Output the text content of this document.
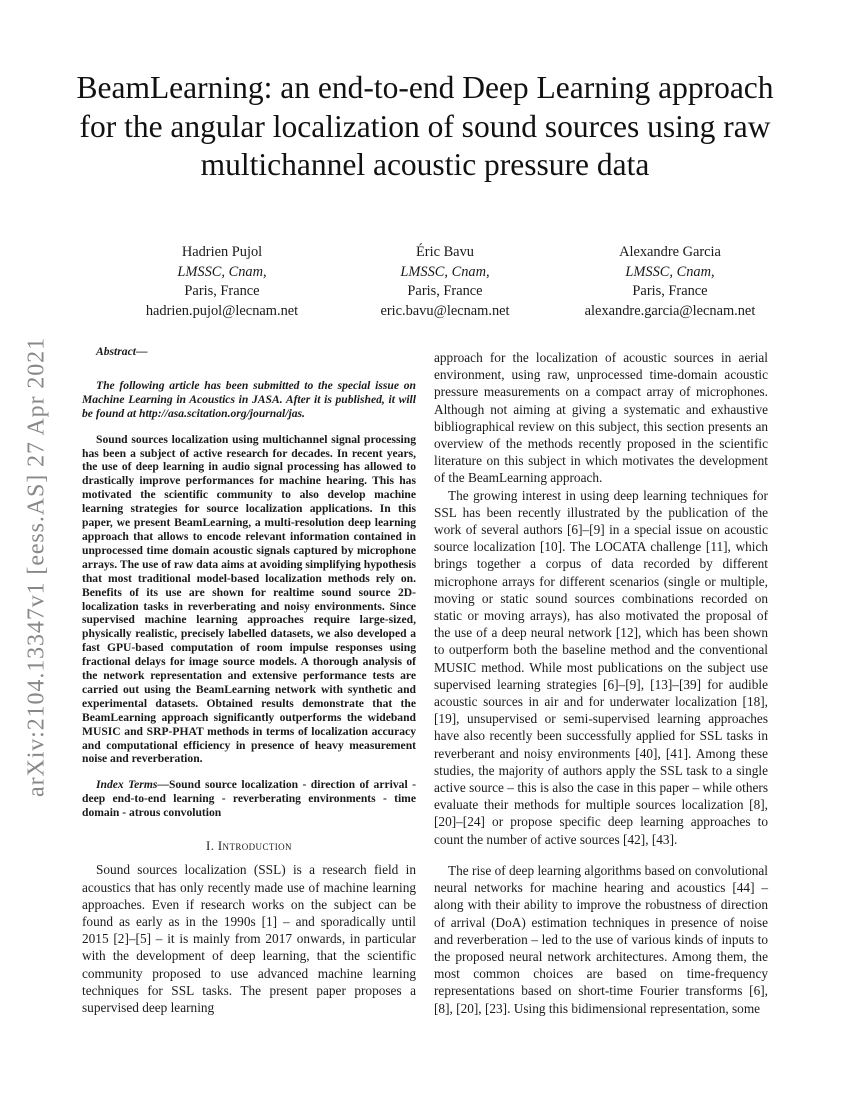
arXiv:2104.13347v1 [eess.AS] 27 Apr 2021
BeamLearning: an end-to-end Deep Learning approach for the angular localization of sound sources using raw multichannel acoustic pressure data
Hadrien Pujol
LMSSC, Cnam,
Paris, France
hadrien.pujol@lecnam.net
Éric Bavu
LMSSC, Cnam,
Paris, France
eric.bavu@lecnam.net
Alexandre Garcia
LMSSC, Cnam,
Paris, France
alexandre.garcia@lecnam.net

Abstract—

The following article has been submitted to the special issue on Machine Learning in Acoustics in JASA. After it is published, it will be found at http://asa.scitation.org/journal/jas.

Sound sources localization using multichannel signal processing has been a subject of active research for decades. In recent years, the use of deep learning in audio signal processing has allowed to drastically improve performances for machine hearing. This has motivated the scientific community to also develop machine learning strategies for source localization applications. In this paper, we present BeamLearning, a multi-resolution deep learning approach that allows to encode relevant information contained in unprocessed time domain acoustic signals captured by microphone arrays. The use of raw data aims at avoiding simplifying hypothesis that most traditional model-based localization methods rely on. Benefits of its use are shown for realtime sound source 2D-localization tasks in reverberating and noisy environments. Since supervised machine learning approaches require large-sized, physically realistic, precisely labelled datasets, we also developed a fast GPU-based computation of room impulse responses using fractional delays for image source models. A thorough analysis of the network representation and extensive performance tests are carried out using the BeamLearning network with synthetic and experimental datasets. Obtained results demonstrate that the BeamLearning approach significantly outperforms the wideband MUSIC and SRP-PHAT methods in terms of localization accuracy and computational efficiency in presence of heavy measurement noise and reverberation.

Index Terms—Sound source localization - direction of arrival - deep end-to-end learning - reverberating environments - time domain - atrous convolution

I. Introduction

Sound sources localization (SSL) is a research field in acoustics that has only recently made use of machine learning approaches. Even if research works on the subject can be found as early as in the 1990s [1] – and sporadically until 2015 [2]–[5] – it is mainly from 2017 onwards, in particular with the development of deep learning, that the scientific community proposed to use advanced machine learning techniques for SSL tasks. The present paper proposes a supervised deep learning

approach for the localization of acoustic sources in aerial environment, using raw, unprocessed time-domain acoustic pressure measurements on a compact array of microphones. Although not aiming at giving a systematic and exhaustive bibliographical review on this subject, this section presents an overview of the methods recently proposed in the scientific literature on this subject in which motivates the development of the BeamLearning approach.

The growing interest in using deep learning techniques for SSL has been recently illustrated by the publication of the work of several authors [6]–[9] in a special issue on acoustic source localization [10]. The LOCATA challenge [11], which brings together a corpus of data recorded by different microphone arrays for different scenarios (single or multiple, moving or static sound sources combinations recorded on static or moving arrays), has also motivated the proposal of the use of a deep neural network [12], which has been shown to outperform both the baseline method and the conventional MUSIC method. While most publications on the subject use supervised learning strategies [6]–[9], [13]–[39] for audible acoustic sources in air and for underwater localization [18], [19], unsupervised or semi-supervised learning approaches have also recently been successfully applied for SSL tasks in reverberant and noisy environments [40], [41]. Among these studies, the majority of authors apply the SSL task to a single active source – this is also the case in this paper – while others evaluate their methods for multiple sources localization [8], [20]–[24] or propose specific deep learning approaches to count the number of active sources [42], [43].

The rise of deep learning algorithms based on convolutional neural networks for machine hearing and acoustics [44] – along with their ability to improve the robustness of direction of arrival (DoA) estimation techniques in presence of noise and reverberation – led to the use of various kinds of inputs to the proposed neural network architectures. Among them, the most common choices are based on time-frequency representations based on short-time Fourier transforms [6], [8], [20], [23]. Using this bidimensional representation, some
